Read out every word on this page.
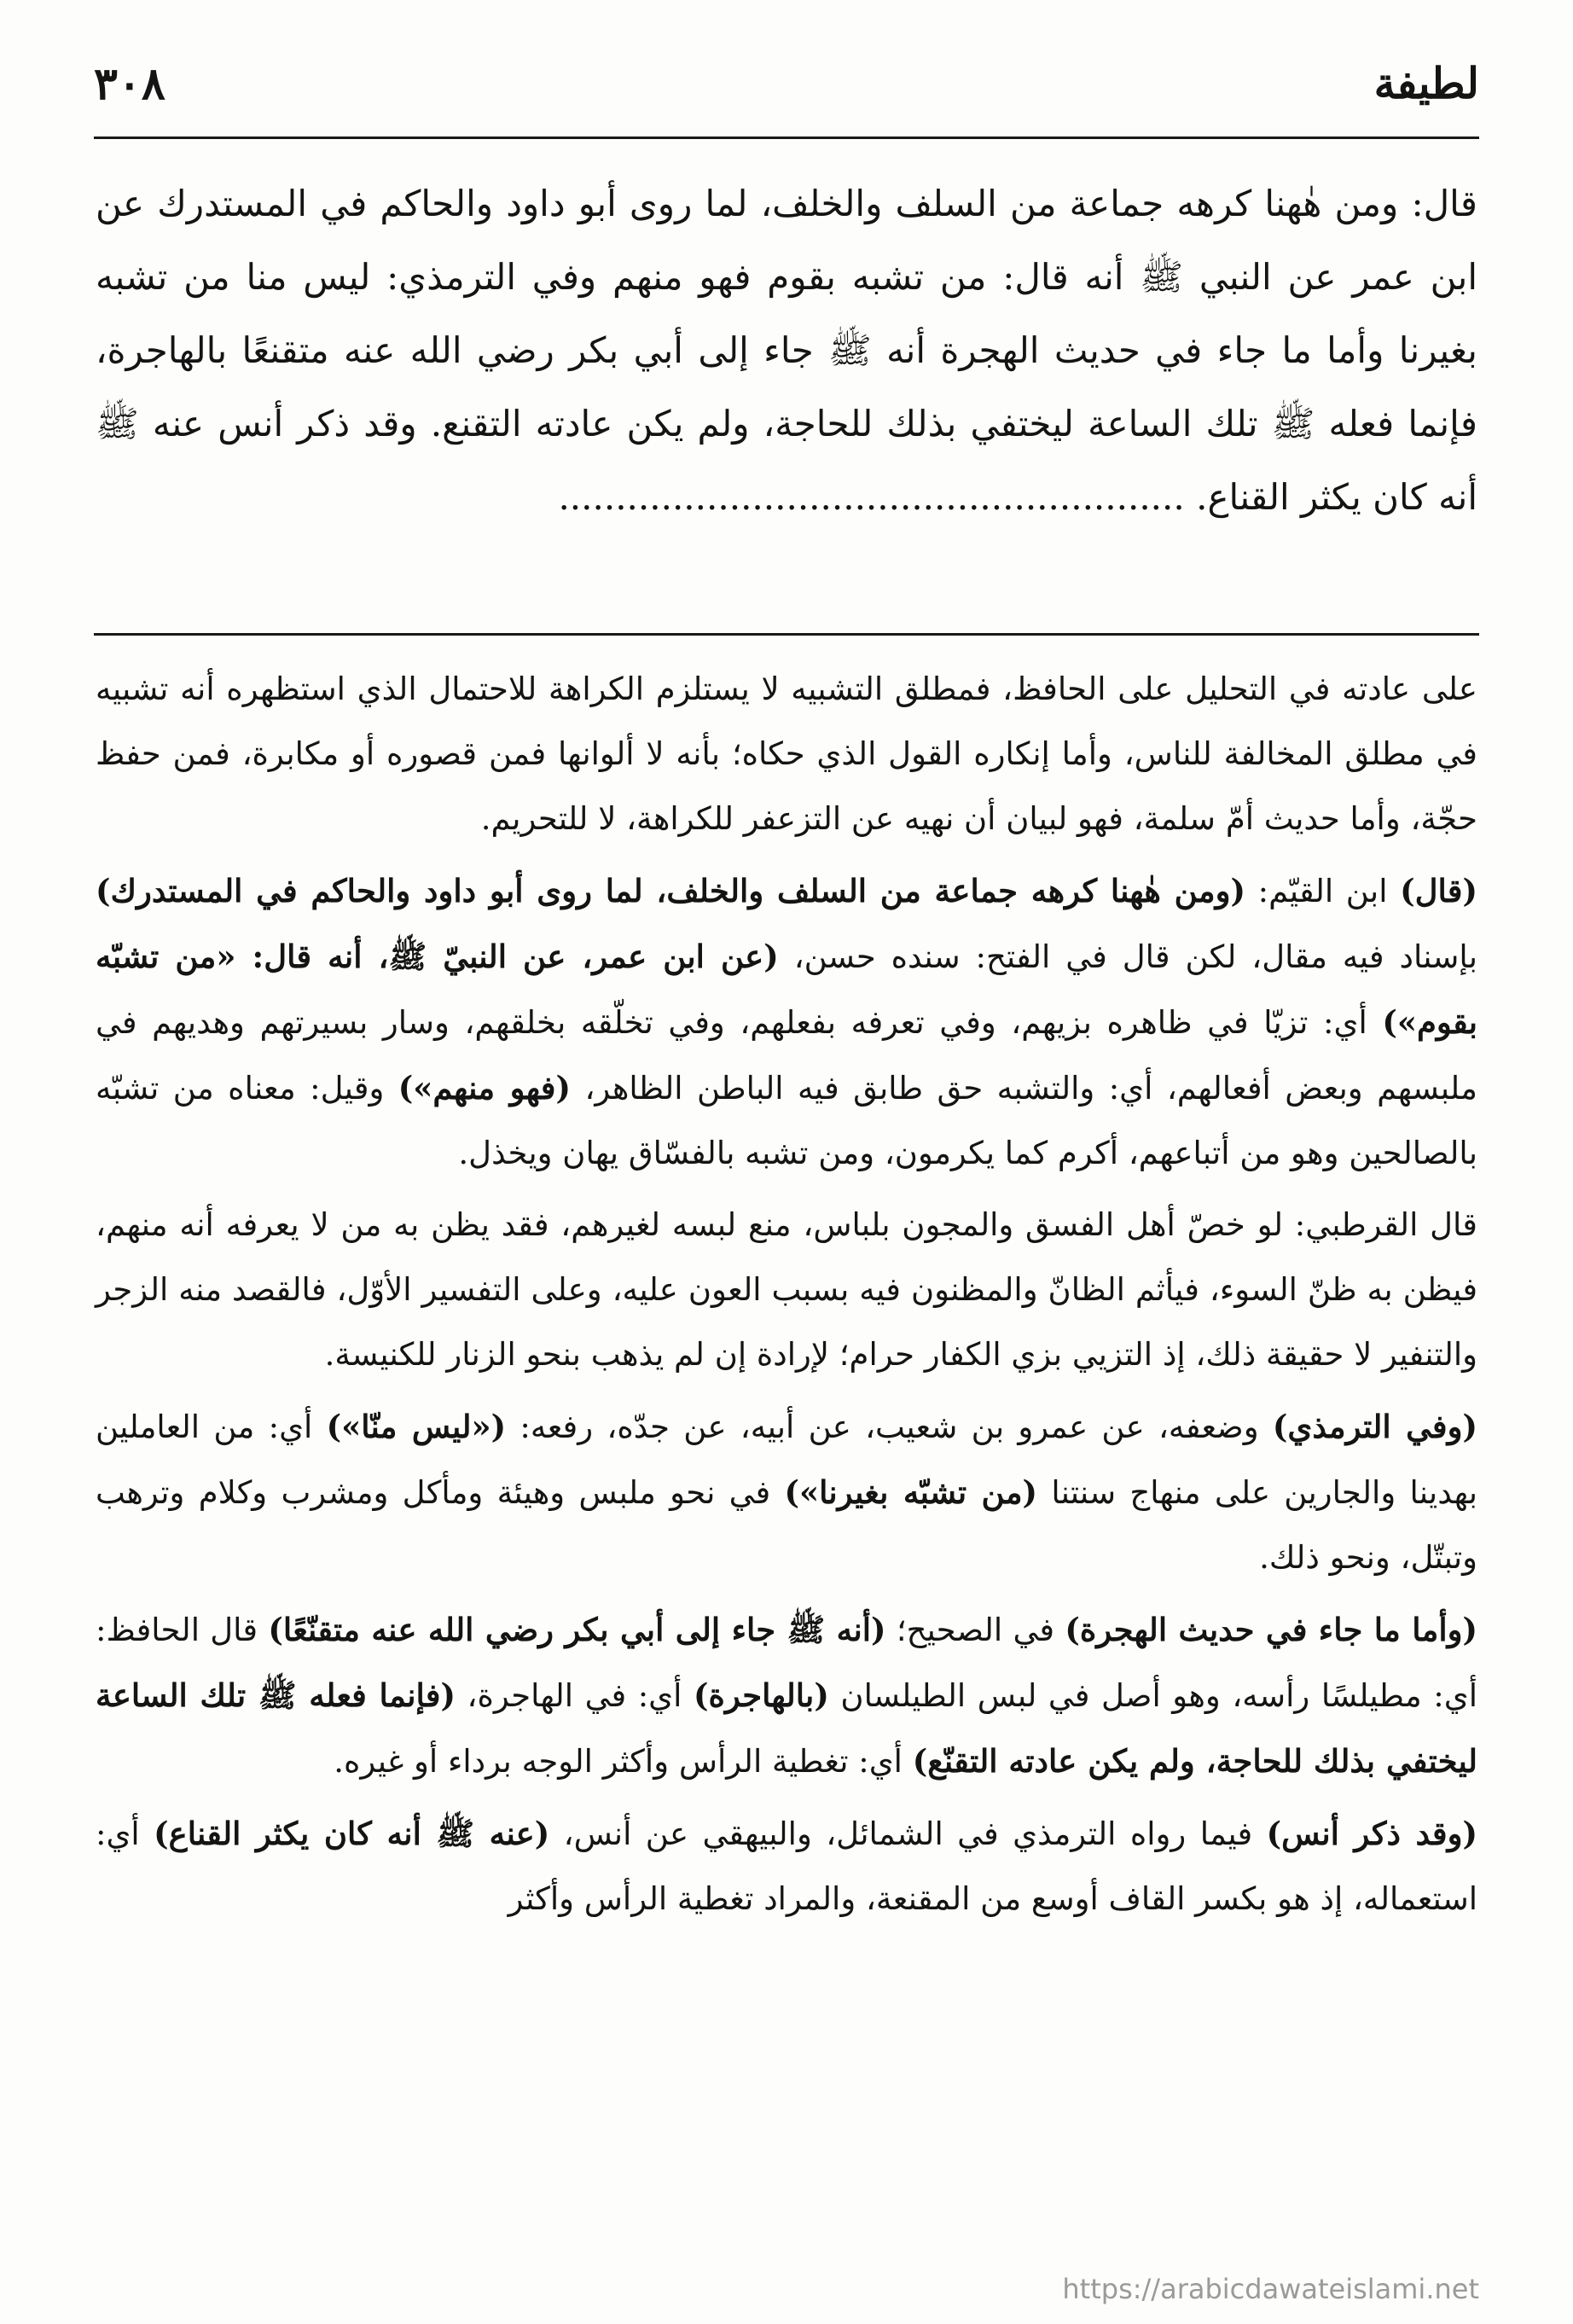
٣٠٨	لطيفة

قال: ومن هٰهنا كرهه جماعة من السلف والخلف، لما روى أبو داود والحاكم في المستدرك عن ابن عمر عن النبي ﷺ أنه قال: من تشبه بقوم فهو منهم وفي الترمذي: ليس منا من تشبه بغيرنا وأما ما جاء في حديث الهجرة أنه ﷺ جاء إلى أبي بكر رضي الله عنه متقنعًا بالهاجرة، فإنما فعله ﷺ تلك الساعة ليختفي بذلك للحاجة، ولم يكن عادته التقنع. وقد ذكر أنس عنه ﷺ أنه كان يكثر القناع. .......................................................

على عادته في التحليل على الحافظ، فمطلق التشبيه لا يستلزم الكراهة للاحتمال الذي استظهره أنه تشبيه في مطلق المخالفة للناس، وأما إنكاره القول الذي حكاه؛ بأنه لا ألوانها فمن قصوره أو مكابرة، فمن حفظ حجّة، وأما حديث أمّ سلمة، فهو لبيان أن نهيه عن التزعفر للكراهة، لا للتحريم.

(قال) ابن القيّم: (ومن هٰهنا كرهه جماعة من السلف والخلف، لما روى أبو داود والحاكم في المستدرك) بإسناد فيه مقال، لكن قال في الفتح: سنده حسن، (عن ابن عمر، عن النبيّ ﷺ، أنه قال: «من تشبّه بقوم») أي: تزيّا في ظاهره بزيهم، وفي تعرفه بفعلهم، وفي تخلّقه بخلقهم، وسار بسيرتهم وهديهم في ملبسهم وبعض أفعالهم، أي: والتشبه حق طابق فيه الباطن الظاهر، (فهو منهم») وقيل: معناه من تشبّه بالصالحين وهو من أتباعهم، أكرم كما يكرمون، ومن تشبه بالفسّاق يهان ويخذل.

قال القرطبي: لو خصّ أهل الفسق والمجون بلباس، منع لبسه لغيرهم، فقد يظن به من لا يعرفه أنه منهم، فيظن به ظنّ السوء، فيأثم الظانّ والمظنون فيه بسبب العون عليه، وعلى التفسير الأوّل، فالقصد منه الزجر والتنفير لا حقيقة ذلك، إذ التزيي بزي الكفار حرام؛ لإرادة إن لم يذهب بنحو الزنار للكنيسة.

(وفي الترمذي) وضعفه، عن عمرو بن شعيب، عن أبيه، عن جدّه، رفعه: («ليس منّا») أي: من العاملين بهدينا والجارين على منهاج سنتنا (من تشبّه بغيرنا») في نحو ملبس وهيئة ومأكل ومشرب وكلام وترهب وتبتّل، ونحو ذلك.

(وأما ما جاء في حديث الهجرة) في الصحيح؛ (أنه ﷺ جاء إلى أبي بكر رضي الله عنه متقنّعًا) قال الحافظ: أي: مطيلسًا رأسه، وهو أصل في لبس الطيلسان (بالهاجرة) أي: في الهاجرة، (فإنما فعله ﷺ تلك الساعة ليختفي بذلك للحاجة، ولم يكن عادته التقنّع) أي: تغطية الرأس وأكثر الوجه برداء أو غيره.

(وقد ذكر أنس) فيما رواه الترمذي في الشمائل، والبيهقي عن أنس، (عنه ﷺ أنه كان يكثر القناع) أي: استعماله، إذ هو بكسر القاف أوسع من المقنعة، والمراد تغطية الرأس وأكثر

https://arabicdawateislami.net
